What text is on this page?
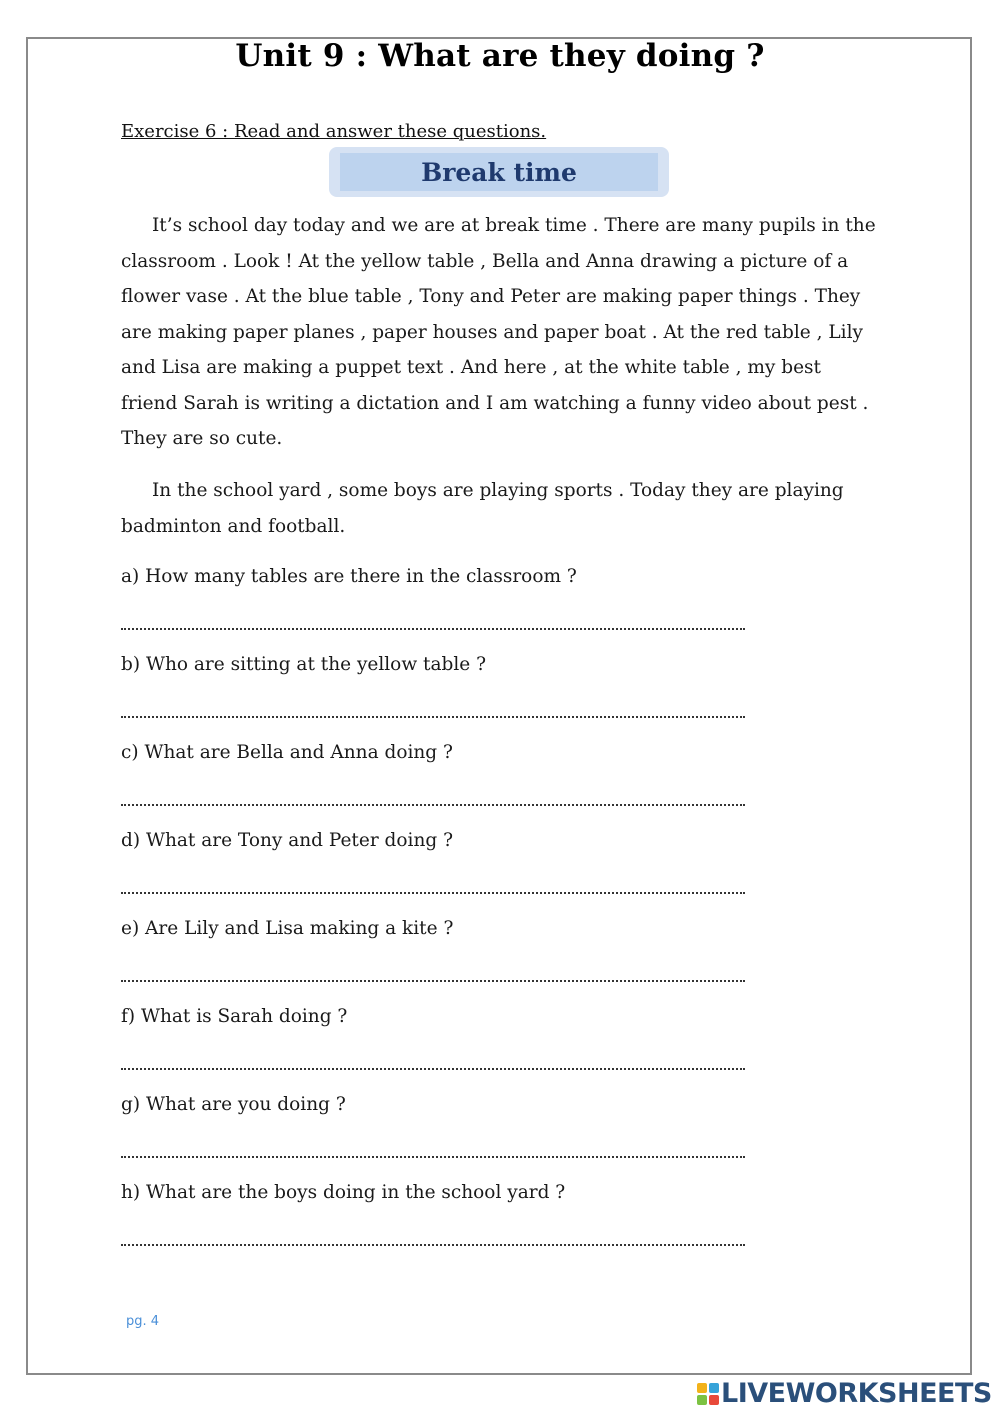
Unit 9 : What are they doing ?
Exercise 6 : Read and answer these questions.
Break time

It’s school day today and we are at break time . There are many pupils in the classroom . Look ! At the yellow table , Bella and Anna drawing a picture of a flower vase . At the blue table , Tony and Peter are making paper things . They are making paper planes , paper houses and paper boat . At the red table , Lily and Lisa are making a puppet text . And here , at the white table , my best friend Sarah is writing a dictation and I am watching a funny video about pest . They are so cute.

In the school yard , some boys are playing sports . Today they are playing badminton and football.

a) How many tables are there in the classroom ?
b) Who are sitting at the yellow table ?
c) What are Bella and Anna doing ?
d) What are Tony and Peter doing ?
e) Are Lily and Lisa making a kite ?
f) What is Sarah doing ?
g) What are you doing ?
h) What are the boys doing in the school yard ?
pg. 4
LIVEWORKSHEETS
